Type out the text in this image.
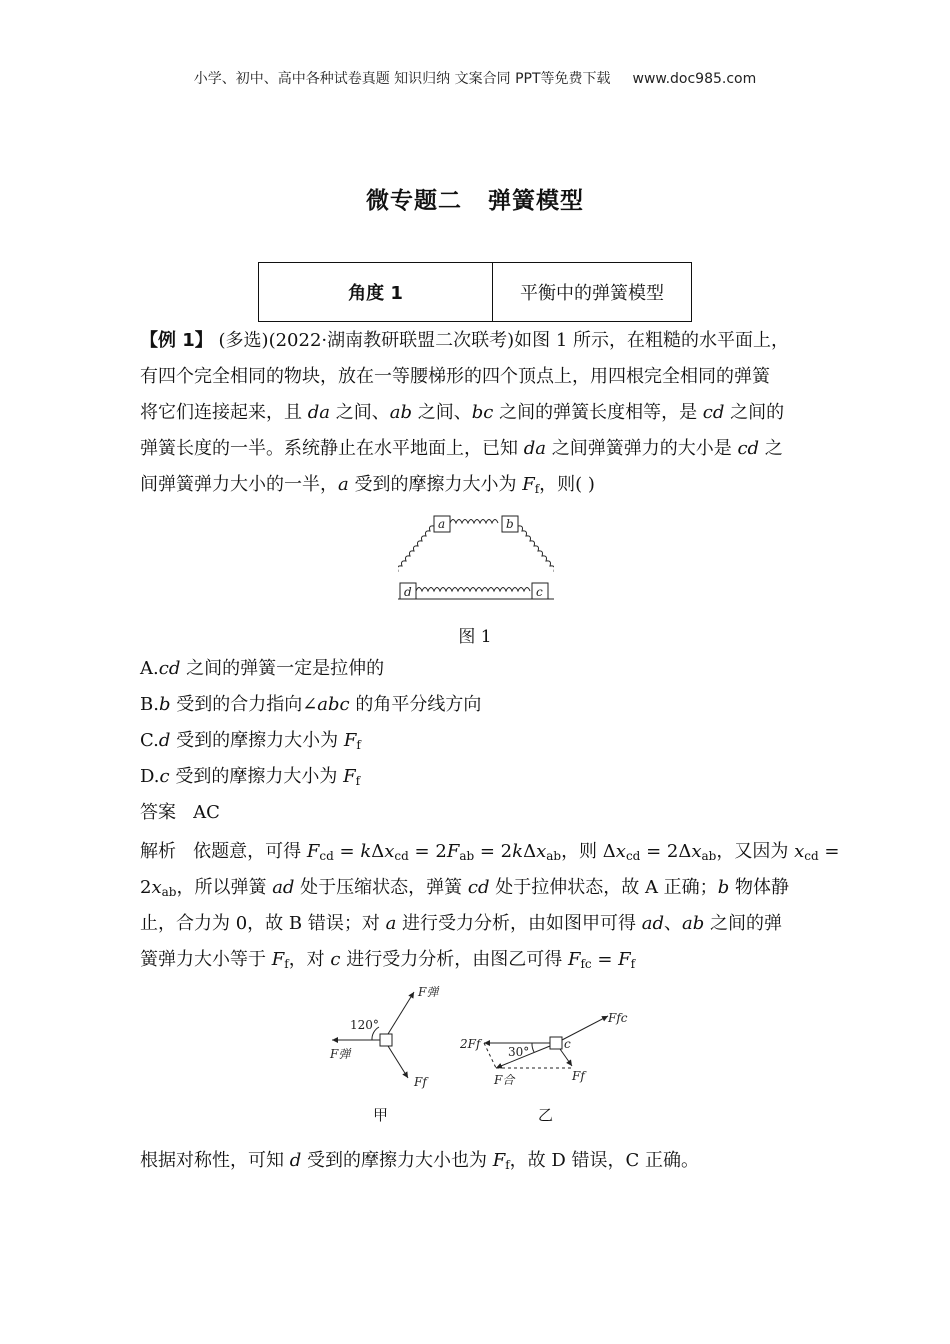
小学、初中、高中各种试卷真题 知识归纳 文案合同 PPT等免费下载 www.doc985.com
微专题二 弹簧模型
角度 1	平衡中的弹簧模型
【例 1】 (多选)(2022·湖南教研联盟二次联考)如图 1 所示，在粗糙的水平面上，
有四个完全相同的物块，放在一等腰梯形的四个顶点上，用四根完全相同的弹簧
将它们连接起来，且 da 之间、ab 之间、bc 之间的弹簧长度相等，是 cd 之间的
弹簧长度的一半。系统静止在水平地面上，已知 da 之间弹簧弹力的大小是 cd 之
间弹簧弹力大小的一半，a 受到的摩擦力大小为 $F_f$，则( )
a	b
d	c
图 1
A.cd 之间的弹簧一定是拉伸的
B.b 受到的合力指向∠abc 的角平分线方向
C.d 受到的摩擦力大小为 $F_f$
D.c 受到的摩擦力大小为 $F_f$
答案 AC
解析 依题意，可得 $F_{cd} = k\Delta x_{cd} = 2F_{ab} = 2k\Delta x_{ab}$，则 $\Delta x_{cd} = 2\Delta x_{ab}$，又因为 $x_{cd}$ =
$2x_{ab}$，所以弹簧 ad 处于压缩状态，弹簧 cd 处于拉伸状态，故 A 正确；b 物体静
止，合力为 0，故 B 错误；对 a 进行受力分析，由如图甲可得 ad、ab 之间的弹
簧弹力大小等于 $F_f$，对 c 进行受力分析，由图乙可得 $F_{fc} = F_f$
120°
F弹
F弹
Ff
甲
2Ff
30°
c
Ffc
F合	Ff
乙
根据对称性，可知 d 受到的摩擦力大小也为 $F_f$，故 D 错误，C 正确。
